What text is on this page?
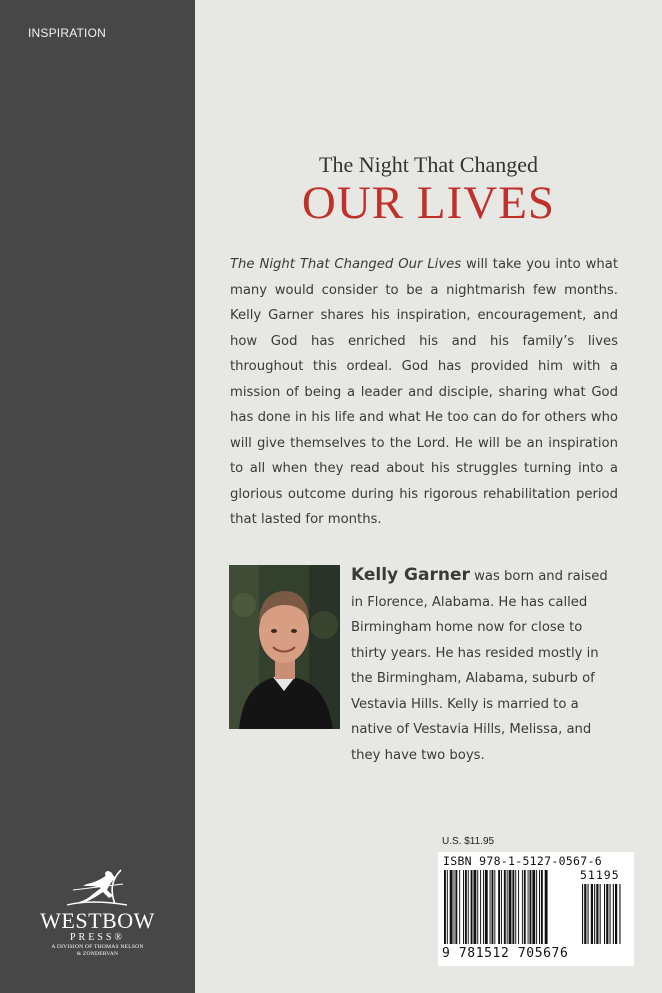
INSPIRATION
WESTBOW
PRESS®
A DIVISION OF THOMAS NELSON
& ZONDERVAN
The Night That Changed
OUR LIVES
The Night That Changed Our Lives will take you into what many would consider to be a nightmarish few months. Kelly Garner shares his inspiration, encouragement, and how God has enriched his and his family’s lives throughout this ordeal. God has provided him with a mission of being a leader and disciple, sharing what God has done in his life and what He too can do for others who will give themselves to the Lord. He will be an inspiration to all when they read about his struggles turning into a glorious outcome during his rigorous rehabilitation period that lasted for months.
Kelly Garner was born and raised in Florence, Alabama. He has called Birmingham home now for close to thirty years. He has resided mostly in the Birmingham, Alabama, suburb of Vestavia Hills. Kelly is married to a native of Vestavia Hills, Melissa, and they have two boys.
U.S. $11.95
ISBN 978-1-5127-0567-6
51195
9 781512 705676
